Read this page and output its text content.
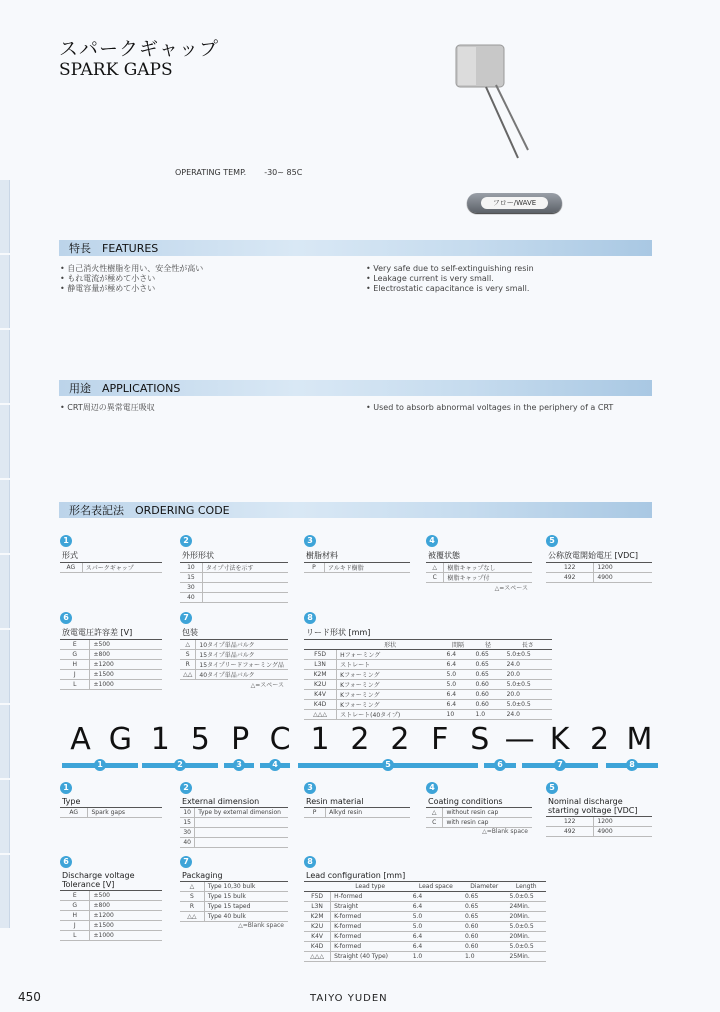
スパークギャップ
SPARK GAPS
OPERATING TEMP. -30~ 85C
フロー/WAVE
特長　FEATURES
• 自己消火性樹脂を用い、安全性が高い
• もれ電流が極めて小さい
• 静電容量が極めて小さい
• Very safe due to self-extinguishing resin
• Leakage current is very small.
• Electrostatic capacitance is very small.
用途　APPLICATIONS
• CRT周辺の異常電圧吸収	• Used to absorb abnormal voltages in the periphery of a CRT
形名表記法　ORDERING CODE
1
形式
AG	スパークギャップ
2
外形形状
10	タイプ寸法を示す
15	
30	
40	
3
樹脂材料
P	アルキド樹脂
4
被覆状態
△	樹脂キャップなし
C	樹脂キャップ付
△=スペース
5
公称放電開始電圧 [VDC]
122	1200
492	4900
6
放電電圧許容差 [V]
E	±500
G	±800
H	±1200
J	±1500
L	±1000
7
包装
△	10タイプ単品バルク
S	15タイプ単品バルク
R	15タイプリードフォーミング品
△△	40タイプ単品バルク
△=スペース
8
リード形状 [mm]
	形状	間隔	径	長さ
F5D	Hフォーミング	6.4	0.65	5.0±0.5
L3N	ストレート	6.4	0.65	24.0
K2M	Kフォーミング	5.0	0.65	20.0
K2U	Kフォーミング	5.0	0.60	5.0±0.5
K4V	Kフォーミング	6.4	0.60	20.0
K4D	Kフォーミング	6.4	0.60	5.0±0.5
△△△	ストレート(40タイプ)	10	1.0	24.0
A G 1 5 P C 1 2 2 F S — K 2 M
1	2	3	4	5	6	7	8
1
Type
AG	Spark gaps
2
External dimension
10	Type by external dimension
15	
30	
40	
3
Resin material
P	Alkyd resin
4
Coating conditions
△	without resin cap
C	with resin cap
△=Blank space
5
Nominal discharge starting voltage [VDC]
122	1200
492	4900
6
Discharge voltage Tolerance [V]
E	±500
G	±800
H	±1200
J	±1500
L	±1000
7
Packaging
△	Type 10,30 bulk
S	Type 15 bulk
R	Type 15 taped
△△	Type 40 bulk
△=Blank space
8
Lead configuration [mm]
	Lead type	Lead space	Diameter	Length
F5D	H-formed	6.4	0.65	5.0±0.5
L3N	Straight	6.4	0.65	24Min.
K2M	K-formed	5.0	0.65	20Min.
K2U	K-formed	5.0	0.60	5.0±0.5
K4V	K-formed	6.4	0.60	20Min.
K4D	K-formed	6.4	0.60	5.0±0.5
△△△	Straight (40 Type)	1.0	1.0	25Min.
450	TAIYO YUDEN
